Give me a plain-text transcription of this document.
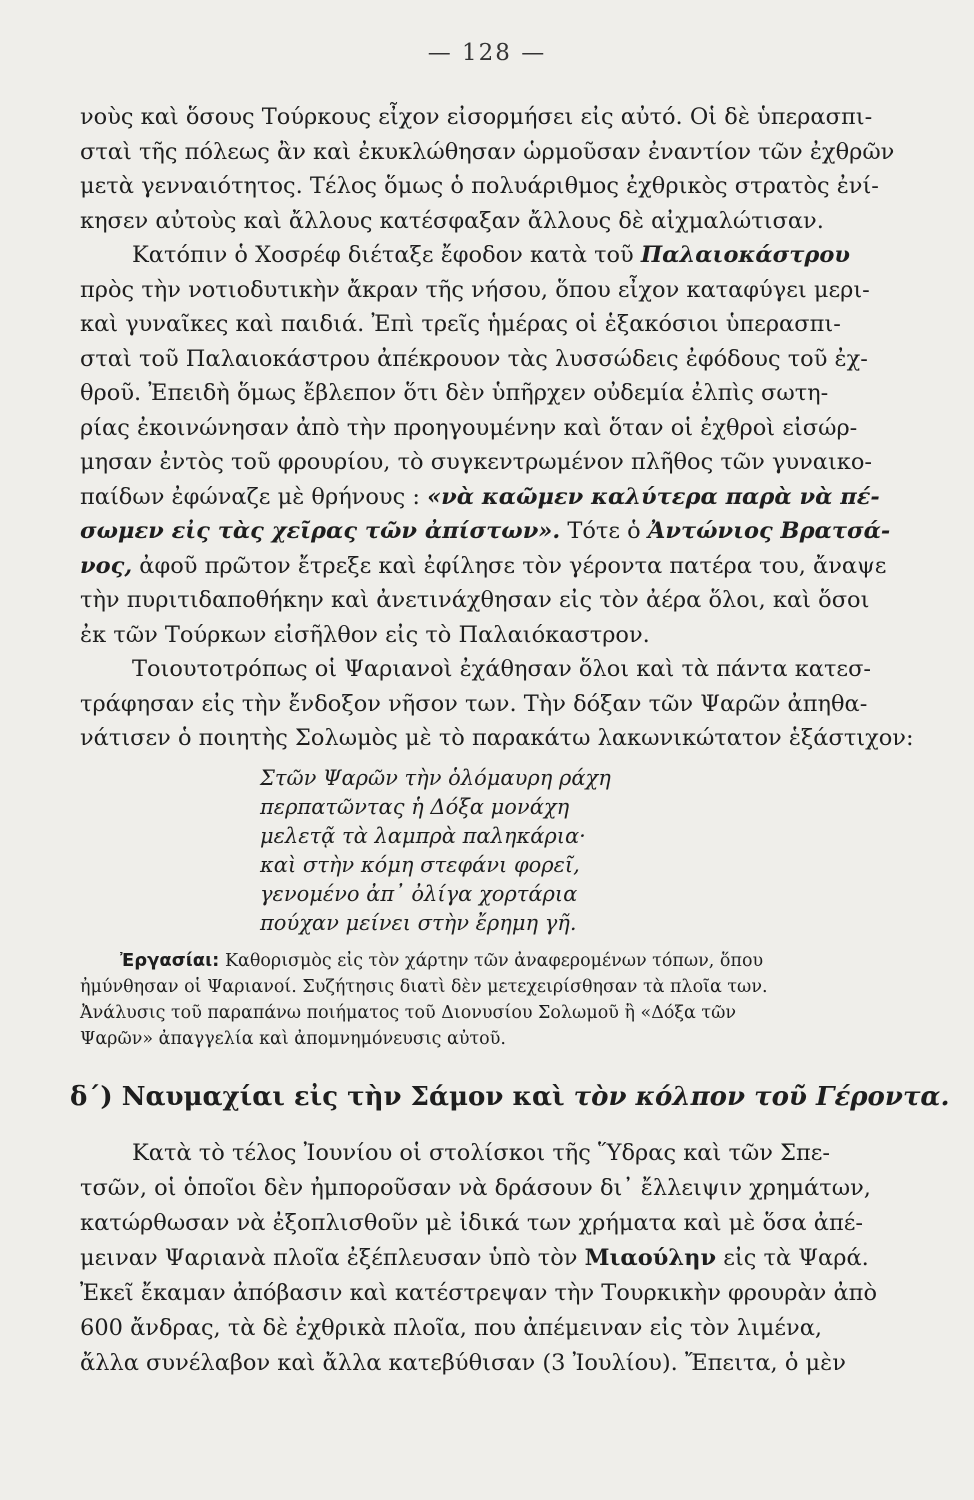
— 128 —

νοὺς καὶ ὅσους Τούρκους εἶχον εἰσορμήσει εἰς αὐτό. Οἱ δὲ ὑπερασπι-
σταὶ τῆς πόλεως ἂν καὶ ἐκυκλώθησαν ὡρμοῦσαν ἐναντίον τῶν ἐχθρῶν
μετὰ γενναιότητος. Τέλος ὅμως ὁ πολυάριθμος ἐχθρικὸς στρατὸς ἐνί-
κησεν αὐτοὺς καὶ ἄλλους κατέσφαξαν ἄλλους δὲ αἰχμαλώτισαν.

Κατόπιν ὁ Χοσρέφ διέταξε ἔφοδον κατὰ τοῦ Παλαιοκάστρου
πρὸς τὴν νοτιοδυτικὴν ἄκραν τῆς νήσου, ὅπου εἶχον καταφύγει μερι-
καὶ γυναῖκες καὶ παιδιά. Ἐπὶ τρεῖς ἡμέρας οἱ ἑξακόσιοι ὑπερασπι-
σταὶ τοῦ Παλαιοκάστρου ἀπέκρουον τὰς λυσσώδεις ἐφόδους τοῦ ἐχ-
θροῦ. Ἐπειδὴ ὅμως ἔβλεπον ὅτι δὲν ὑπῆρχεν οὐδεμία ἐλπὶς σωτη-
ρίας ἐκοινώνησαν ἀπὸ τὴν προηγουμένην καὶ ὅταν οἱ ἐχθροὶ εἰσώρ-
μησαν ἐντὸς τοῦ φρουρίου, τὸ συγκεντρωμένον πλῆθος τῶν γυναικο-
παίδων ἐφώναζε μὲ θρήνους : «νὰ καῶμεν καλύτερα παρὰ νὰ πέ-
σωμεν εἰς τὰς χεῖρας τῶν ἀπίστων». Τότε ὁ Ἀντώνιος Βρατσά-
νος, ἀφοῦ πρῶτον ἔτρεξε καὶ ἐφίλησε τὸν γέροντα πατέρα του, ἄναψε
τὴν πυριτιδαποθήκην καὶ ἀνετινάχθησαν εἰς τὸν ἀέρα ὅλοι, καὶ ὅσοι
ἐκ τῶν Τούρκων εἰσῆλθον εἰς τὸ Παλαιόκαστρον.

Τοιουτοτρόπως οἱ Ψαριανοὶ ἐχάθησαν ὅλοι καὶ τὰ πάντα κατεσ-
τράφησαν εἰς τὴν ἔνδοξον νῆσον των. Τὴν δόξαν τῶν Ψαρῶν ἀπηθα-
νάτισεν ὁ ποιητὴς Σολωμὸς μὲ τὸ παρακάτω λακωνικώτατον ἑξάστιχον:

Στῶν Ψαρῶν τὴν ὁλόμαυρη ράχη
περπατῶντας ἡ Δόξα μονάχη
μελετᾷ τὰ λαμπρὰ παληκάρια·
καὶ στὴν κόμη στεφάνι φορεῖ,
γενομένο ἀπ᾽ ὀλίγα χορτάρια
πούχαν μείνει στὴν ἔρημη γῆ.
Ἐργασίαι: Καθορισμὸς εἰς τὸν χάρτην τῶν ἀναφερομένων τόπων, ὅπου
ἠμύνθησαν οἱ Ψαριανοί. Συζήτησις διατὶ δὲν μετεχειρίσθησαν τὰ πλοῖα των.
Ἀνάλυσις τοῦ παραπάνω ποιήματος τοῦ Διονυσίου Σολωμοῦ ἢ «Δόξα τῶν
Ψαρῶν» ἀπαγγελία καὶ ἀπομνημόνευσις αὐτοῦ.
δ´) Ναυμαχίαι εἰς τὴν Σάμον καὶ τὸν κόλπον τοῦ Γέροντα.

Κατὰ τὸ τέλος Ἰουνίου οἱ στολίσκοι τῆς Ὕδρας καὶ τῶν Σπε-
τσῶν, οἱ ὁποῖοι δὲν ἠμποροῦσαν νὰ δράσουν δι᾽ ἔλλειψιν χρημάτων,
κατώρθωσαν νὰ ἐξοπλισθοῦν μὲ ἰδικά των χρήματα καὶ μὲ ὅσα ἀπέ-
μειναν Ψαριανὰ πλοῖα ἐξέπλευσαν ὑπὸ τὸν Μιαούλην εἰς τὰ Ψαρά.
Ἐκεῖ ἔκαμαν ἀπόβασιν καὶ κατέστρεψαν τὴν Τουρκικὴν φρουρὰν ἀπὸ
600 ἄνδρας, τὰ δὲ ἐχθρικὰ πλοῖα, που ἀπέμειναν εἰς τὸν λιμένα,
ἄλλα συνέλαβον καὶ ἄλλα κατεβύθισαν (3 Ἰουλίου). Ἔπειτα, ὁ μὲν
